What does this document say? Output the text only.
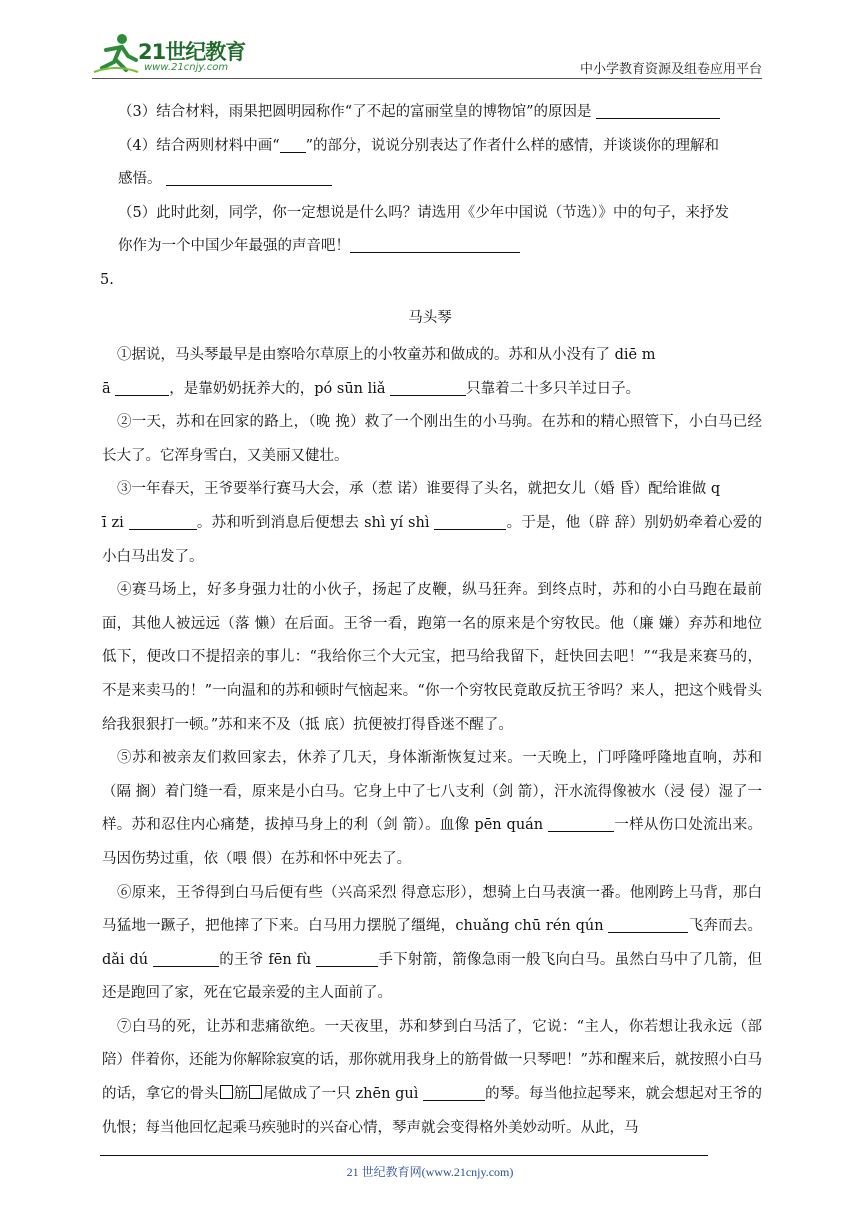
21世纪教育
www.21cnjy.com	中小学教育资源及组卷应用平台

（3）结合材料，雨果把圆明园称作“了不起的富丽堂皇的博物馆”的原因是

（4）结合两则材料中画“ ”的部分，说说分别表达了作者什么样的感情，并谈谈你的理解和

感悟。

（5）此时此刻，同学，你一定想说是什么吗？请选用《少年中国说（节选）》中的句子，来抒发

你作为一个中国少年最强的声音吧！

5.
马头琴

①据说，马头琴最早是由察哈尔草原上的小牧童苏和做成的。苏和从小没有了 diē m

ā	，是靠奶奶抚养大的，pó sūn liǎ	只靠着二十多只羊过日子。

②一天，苏和在回家的路上，（晚 挽）救了一个刚出生的小马驹。在苏和的精心照管下，小白马已经长大了。它浑身雪白，又美丽又健壮。

③一年春天，王爷要举行赛马大会，承（惹 诺）谁要得了头名，就把女儿（婚 昏）配给谁做 q

ī zi	。苏和听到消息后便想去 shì yí shì	。于是，他（辟 辞）别奶奶牵着心爱的小白马出发了。

④赛马场上，好多身强力壮的小伙子，扬起了皮鞭，纵马狂奔。到终点时，苏和的小白马跑在最前面，其他人被远远（落 懒）在后面。王爷一看，跑第一名的原来是个穷牧民。他（廉 嫌）弃苏和地位低下，便改口不提招亲的事儿：“我给你三个大元宝，把马给我留下，赶快回去吧！”“我是来赛马的，不是来卖马的！”一向温和的苏和顿时气恼起来。“你一个穷牧民竟敢反抗王爷吗？来人，把这个贱骨头给我狠狠打一顿。”苏和来不及（抵 底）抗便被打得昏迷不醒了。

⑤苏和被亲友们救回家去，休养了几天，身体渐渐恢复过来。一天晚上，门呼隆呼隆地直响，苏和（隔 搁）着门缝一看，原来是小白马。它身上中了七八支利（剑 箭），汗水流得像被水（浸 侵）湿了一样。苏和忍住内心痛楚，拔掉马身上的利（剑 箭）。血像 pēn quán	一样从伤口处流出来。马因伤势过重，依（喂 偎）在苏和怀中死去了。

⑥原来，王爷得到白马后便有些（兴高采烈 得意忘形），想骑上白马表演一番。他刚跨上马背，那白马猛地一蹶子，把他摔了下来。白马用力摆脱了缰绳，chuǎng chū rén qún	飞奔而去。dǎi dú	的王爷 fēn fù	手下射箭，箭像急雨一般飞向白马。虽然白马中了几箭，但还是跑回了家，死在它最亲爱的主人面前了。

⑦白马的死，让苏和悲痛欲绝。一天夜里，苏和梦到白马活了，它说：“主人，你若想让我永远（部 陪）伴着你，还能为你解除寂寞的话，那你就用我身上的筋骨做一只琴吧！”苏和醒来后，就按照小白马的话，拿它的骨头 筋 尾做成了一只 zhēn guì	的琴。每当他拉起琴来，就会想起对王爷的仇恨；每当他回忆起乘马疾驰时的兴奋心情，琴声就会变得格外美妙动听。从此，马

21 世纪教育网(www.21cnjy.com)
